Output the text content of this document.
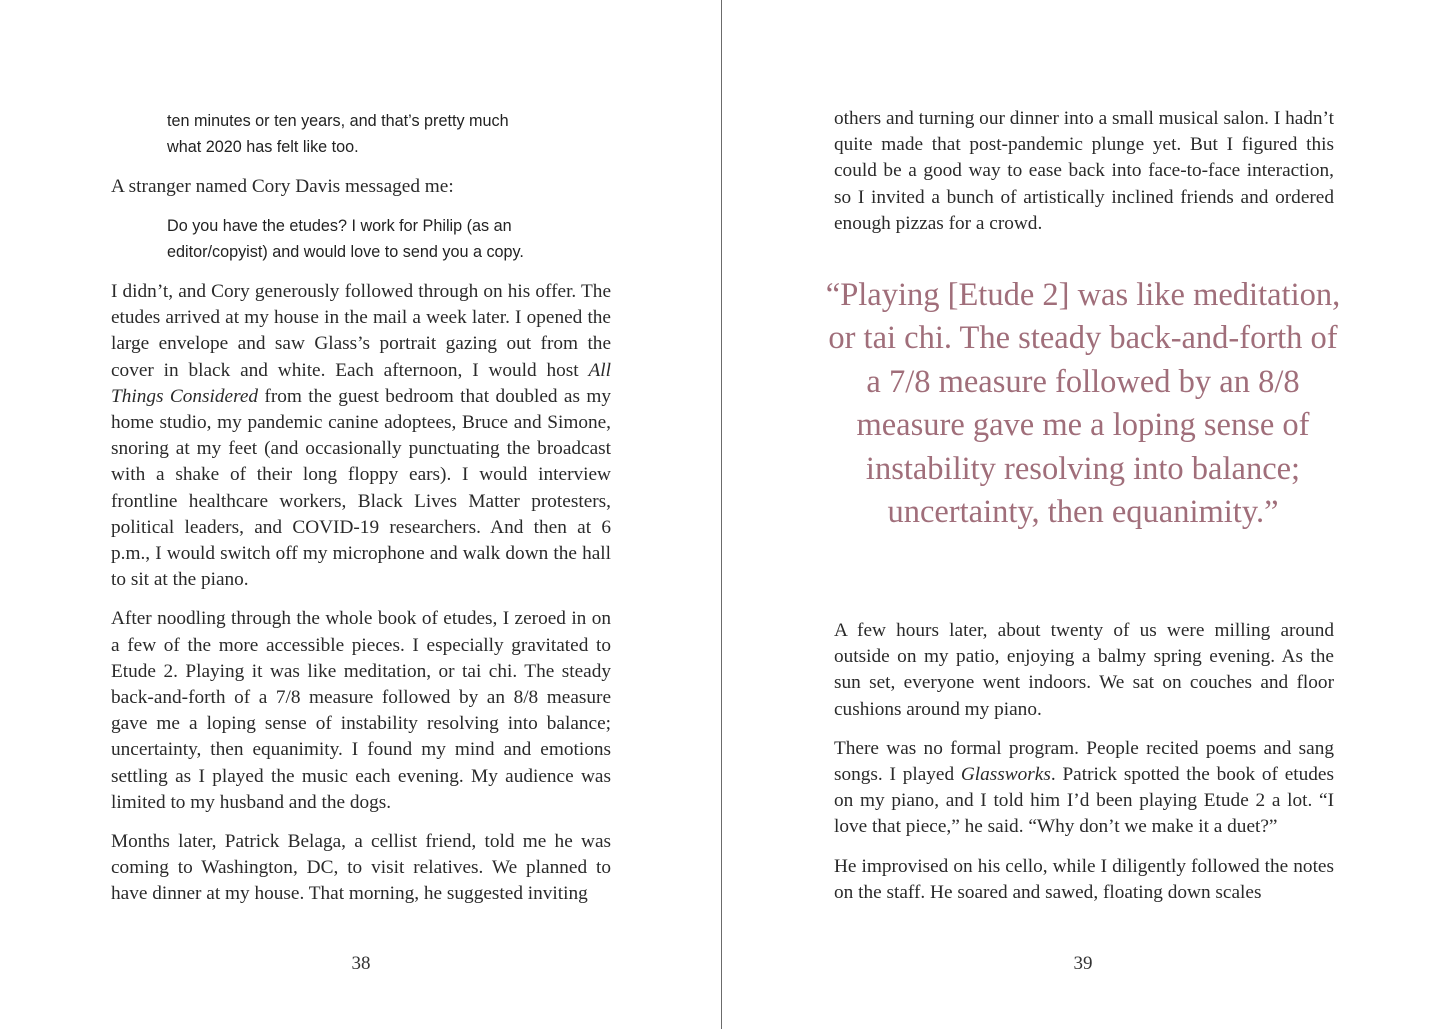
ten minutes or ten years, and that’s pretty much
what 2020 has felt like too.

A stranger named Cory Davis messaged me:

Do you have the etudes? I work for Philip (as an
editor/copyist) and would love to send you a copy.

I didn’t, and Cory generously followed through on his offer. The etudes arrived at my house in the mail a week later. I opened the large envelope and saw Glass’s portrait gazing out from the cover in black and white. Each afternoon, I would host All Things Considered from the guest bedroom that doubled as my home studio, my pandemic canine adoptees, Bruce and Simone, snoring at my feet (and occasionally punctuating the broadcast with a shake of their long floppy ears). I would interview frontline healthcare workers, Black Lives Matter protesters, political leaders, and COVID-19 researchers. And then at 6 p.m., I would switch off my microphone and walk down the hall to sit at the piano.

After noodling through the whole book of etudes, I zeroed in on a few of the more accessible pieces. I especially gravitated to Etude 2. Playing it was like meditation, or tai chi. The steady back-and-forth of a 7/8 measure followed by an 8/8 measure gave me a loping sense of instability resolving into balance; uncertainty, then equanimity. I found my mind and emotions settling as I played the music each evening. My audience was limited to my husband and the dogs.

Months later, Patrick Belaga, a cellist friend, told me he was coming to Washington, DC, to visit relatives. We planned to have dinner at my house. That morning, he suggested inviting

38

others and turning our dinner into a small musical salon. I hadn’t quite made that post-pandemic plunge yet. But I figured this could be a good way to ease back into face-to-face interaction, so I invited a bunch of artistically inclined friends and ordered enough pizzas for a crowd.

“Playing [Etude 2] was like meditation, or tai chi. The steady back-and-forth of a 7/8 measure followed by an 8/8 measure gave me a loping sense of instability resolving into balance; uncertainty, then equanimity.”

A few hours later, about twenty of us were milling around outside on my patio, enjoying a balmy spring evening. As the sun set, everyone went indoors. We sat on couches and floor cushions around my piano.

There was no formal program. People recited poems and sang songs. I played Glassworks. Patrick spotted the book of etudes on my piano, and I told him I’d been playing Etude 2 a lot. “I love that piece,” he said. “Why don’t we make it a duet?”

He improvised on his cello, while I diligently followed the notes on the staff. He soared and sawed, floating down scales

39
